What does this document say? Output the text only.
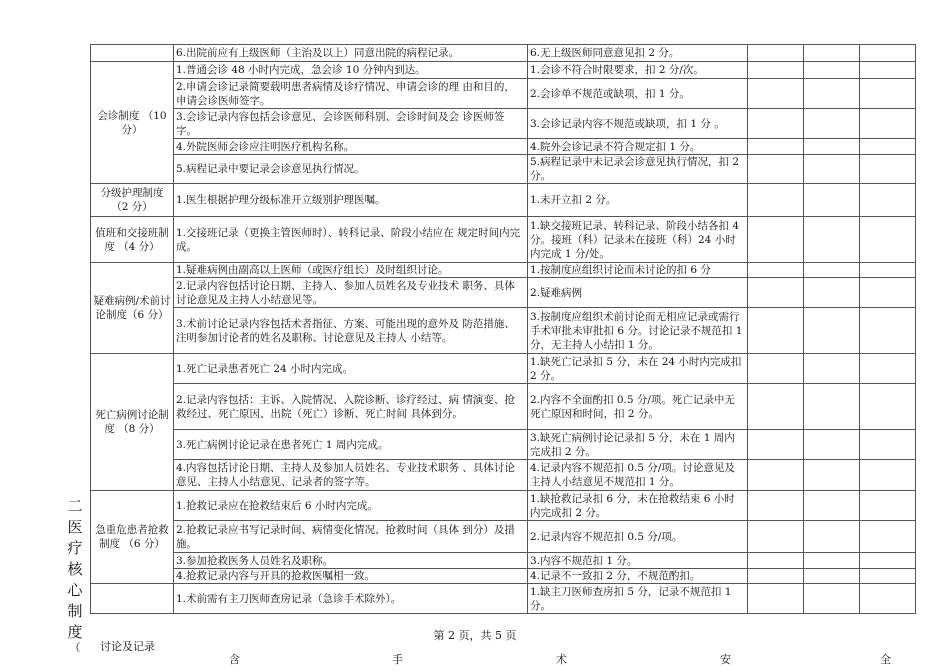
	6.出院前应有上级医师（主治及以上）同意出院的病程记录。	6.无上级医师同意意见扣 2 分。			
会诊制度 （10 分）	1.普通会诊 48 小时内完成，急会诊 10 分钟内到达。	1.会诊不符合时限要求，扣 2 分/次。			
	2.申请会诊记录简要载明患者病情及诊疗情况、申请会诊的理 由和目的，申请会诊医师签字。	2.会诊单不规范或缺项，扣 1 分。			
	3.会诊记录内容包括会诊意见、会诊医师科别、会诊时间及会 诊医师签字。	3.会诊记录内容不规范或缺项，扣 1 分 。			
	4.外院医师会诊应注明医疗机构名称。	4.院外会诊记录不符合规定扣 1 分。			
	5.病程记录中要记录会诊意见执行情况。	5.病程记录中未记录会诊意见执行情况，扣 2 分。			
分级护理制度（2 分）	1.医生根据护理分级标准开立级别护理医嘱。	1.未开立扣 2 分。			
值班和交接班制度 （4 分）	1.交接班记录（更换主管医师时）、转科记录、阶段小结应在 规定时间内完成。	1.缺交接班记录、转科记录、阶段小结各扣 4 分。接班（科）记录未在接班（科）24 小时内完成 1 分/处。			
疑难病例/术前讨论制度（6 分）	1.疑难病例由副高以上医师（或医疗组长）及时组织讨论。	1.按制度应组织讨论而未讨论的扣 6 分			
	2.记录内容包括讨论日期、主持人、参加人员姓名及专业技术 职务、具体讨论意见及主持人小结意见等。	2.疑难病例			
	3.术前讨论记录内容包括术者指征、方案、可能出现的意外及 防范措施、注明参加讨论者的姓名及职称、讨论意见及主持人 小结等。	3.按制度应组织术前讨论而无相应记录或需行手术审批未审批扣 6 分。讨论记录不规范扣 1 分，无主持人小结扣 1 分。			
死亡病例讨论制度 （8 分）	1.死亡记录患者死亡 24 小时内完成。	1.缺死亡记录扣 5 分，未在 24 小时内完成扣 2 分。			
	2.记录内容包括：主诉、入院情况、入院诊断、诊疗经过、病 情演变、抢救经过、死亡原因、出院（死亡）诊断、死亡时间 具体到分。	2.内容不全面酌扣 0.5 分/项。死亡记录中无死亡原因和时间，扣 2 分。			
	3.死亡病例讨论记录在患者死亡 1 周内完成。	3.缺死亡病例讨论记录扣 5 分，未在 1 周内完成扣 2 分。			
	4.内容包括讨论日期、主持人及参加人员姓名、专业技术职务 、具体讨论意见、主持人小结意见、记录者的签字等。	4.记录内容不规范扣 0.5 分/项。讨论意见及主持人小结意见不规范扣 1 分。			
急重危患者抢救制度 （6 分）	1.抢救记录应在抢救结束后 6 小时内完成。	1.缺抢救记录扣 6 分，未在抢救结束 6 小时内完成扣 2 分。			
	2.抢救记录应书写记录时间、病情变化情况、抢救时间（具体 到分）及措施。	2.记录内容不规范扣 0.5 分/项。			
	3.参加抢救医务人员姓名及职称。	3.内容不规范扣 1 分。			
	4.抢救记录内容与开具的抢救医嘱相一致。	4.记录不一致扣 2 分，不规范酌扣。			
	1.术前需有主刀医师查房记录（急诊手术除外）。	1.缺主刀医师查房扣 5 分，记录不规范扣 1 分。			
二
医
疗
核
心
制
度
（
第 2 页，共 5 页
讨论及记录
含	手	术	安	全
